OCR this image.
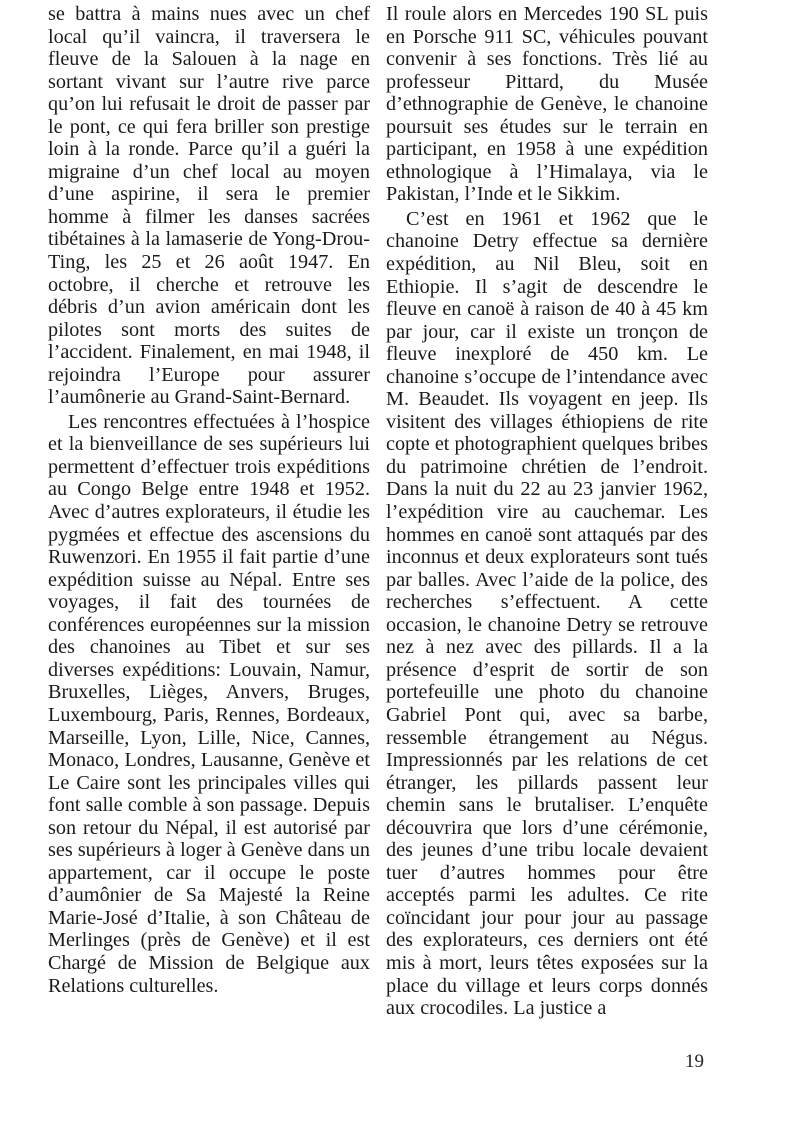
se battra à mains nues avec un chef local qu’il vaincra, il traversera le fleuve de la Salouen à la nage en sortant vivant sur l’autre rive parce qu’on lui refusait le droit de passer par le pont, ce qui fera briller son prestige loin à la ronde. Parce qu’il a guéri la migraine d’un chef local au moyen d’une aspirine, il sera le premier homme à filmer les danses sacrées tibétaines à la lamaserie de Yong-Drou-Ting, les 25 et 26 août 1947. En octobre, il cherche et retrouve les débris d’un avion américain dont les pilotes sont morts des suites de l’accident. Finalement, en mai 1948, il rejoindra l’Europe pour assurer l’aumônerie au Grand-Saint-Bernard.

Les rencontres effectuées à l’hospice et la bienveillance de ses supérieurs lui permettent d’effectuer trois expéditions au Congo Belge entre 1948 et 1952. Avec d’autres explorateurs, il étudie les pygmées et effectue des ascensions du Ruwenzori. En 1955 il fait partie d’une expédition suisse au Népal. Entre ses voyages, il fait des tournées de conférences européennes sur la mission des chanoines au Tibet et sur ses diverses expéditions: Louvain, Namur, Bruxelles, Lièges, Anvers, Bruges, Luxembourg, Paris, Rennes, Bordeaux, Marseille, Lyon, Lille, Nice, Cannes, Monaco, Londres, Lausanne, Genève et Le Caire sont les principales villes qui font salle comble à son passage. Depuis son retour du Népal, il est autorisé par ses supérieurs à loger à Genève dans un appartement, car il occupe le poste d’aumônier de Sa Majesté la Reine Marie-José d’Italie, à son Château de Merlinges (près de Genève) et il est Chargé de Mission de Belgique aux Relations culturelles.

Il roule alors en Mercedes 190 SL puis en Porsche 911 SC, véhicules pouvant convenir à ses fonctions. Très lié au professeur Pittard, du Musée d’ethnographie de Genève, le chanoine poursuit ses études sur le terrain en participant, en 1958 à une expédition ethnologique à l’Himalaya, via le Pakistan, l’Inde et le Sikkim.

C’est en 1961 et 1962 que le chanoine Detry effectue sa dernière expédition, au Nil Bleu, soit en Ethiopie. Il s’agit de descendre le fleuve en canoë à raison de 40 à 45 km par jour, car il existe un tronçon de fleuve inexploré de 450 km. Le chanoine s’occupe de l’intendance avec M. Beaudet. Ils voyagent en jeep. Ils visitent des villages éthiopiens de rite copte et photographient quelques bribes du patrimoine chrétien de l’endroit. Dans la nuit du 22 au 23 janvier 1962, l’expédition vire au cauchemar. Les hommes en canoë sont attaqués par des inconnus et deux explorateurs sont tués par balles. Avec l’aide de la police, des recherches s’effectuent. A cette occasion, le chanoine Detry se retrouve nez à nez avec des pillards. Il a la présence d’esprit de sortir de son portefeuille une photo du chanoine Gabriel Pont qui, avec sa barbe, ressemble étrangement au Négus. Impressionnés par les relations de cet étranger, les pillards passent leur chemin sans le brutaliser. L’enquête découvrira que lors d’une cérémonie, des jeunes d’une tribu locale devaient tuer d’autres hommes pour être acceptés parmi les adultes. Ce rite coïncidant jour pour jour au passage des explorateurs, ces derniers ont été mis à mort, leurs têtes exposées sur la place du village et leurs corps donnés aux crocodiles. La justice a

19
